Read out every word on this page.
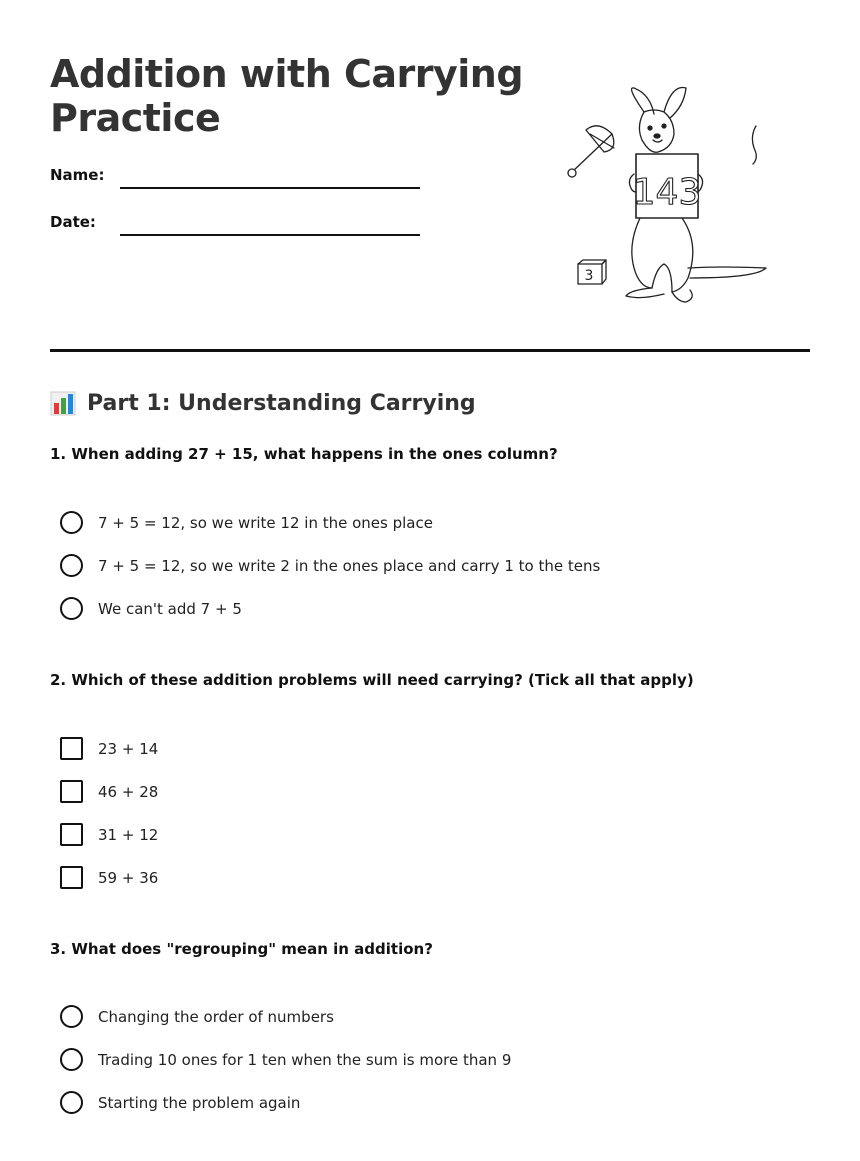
Addition with Carrying Practice
Name:
Date:
143
3
Part 1: Understanding Carrying
1. When adding 27 + 15, what happens in the ones column?
7 + 5 = 12, so we write 12 in the ones place
7 + 5 = 12, so we write 2 in the ones place and carry 1 to the tens
We can't add 7 + 5
2. Which of these addition problems will need carrying? (Tick all that apply)
23 + 14
46 + 28
31 + 12
59 + 36
3. What does "regrouping" mean in addition?
Changing the order of numbers
Trading 10 ones for 1 ten when the sum is more than 9
Starting the problem again
